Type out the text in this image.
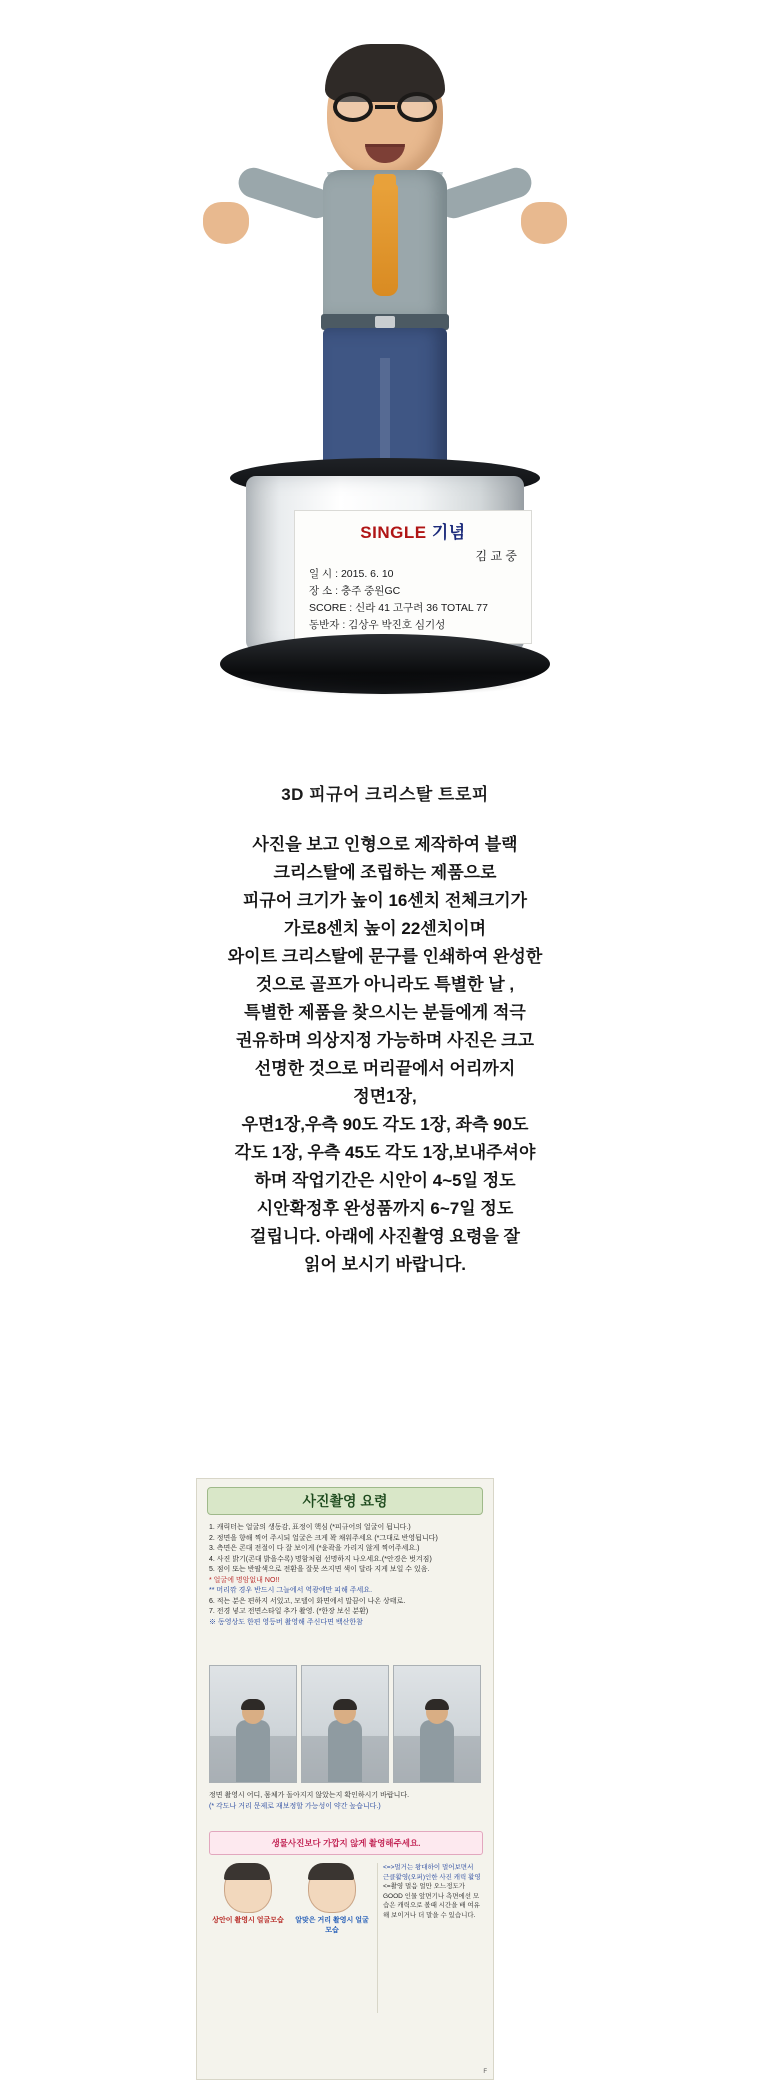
SINGLE 기념
김 교 중
일 시 : 2015. 6. 10
장 소 : 충주 중원GC
SCORE : 신라 41 고구려 36 TOTAL 77
동반자 : 김상우 박진호 심기성
3D 피규어 크리스탈 트로피
사진을 보고 인형으로 제작하여 블랙
크리스탈에 조립하는 제품으로
피규어 크기가 높이 16센치 전체크기가
가로8센치 높이 22센치이며
와이트 크리스탈에 문구를 인쇄하여 완성한
것으로 골프가 아니라도 특별한 날 ,
특별한 제품을 찾으시는 분들에게 적극
권유하며 의상지정 가능하며 사진은 크고
선명한 것으로 머리끝에서 어리까지
정면1장,
우면1장,우측 90도 각도 1장, 좌측 90도
각도 1장, 우측 45도 각도 1장,보내주셔야
하며 작업기간은 시안이 4~5일 정도
시안확정후 완성품까지 6~7일 정도
걸립니다. 아래에 사진촬영 요령을 잘
읽어 보시기 바랍니다.
사진촬영 요령
1. 캐릭터는 얼굴의 생동감, 표정이 핵심 (*피규어의 얼굴이 됩니다.)
2. 정면을 향해 찍어 주시되 얼굴은 크게 꽉 채워주세요 (*그대로 반영됩니다)
3. 측면은 콘대 전절이 다 잘 보이게 (*윤곽을 가리지 않게 찍어주세요.)
4. 사진 밝기(콘대 밝을수록) 명함처럼 선명하지 나오세요.(*안경은 벗겨짐)
5. 점이 또는 반팔색으로 전환을 잘못 쓰지면 색이 달라 지게 보일 수 있음.
* 얼굴에 명암없내 NO!!
** 머리깎 경우 반드시 그늘에서 역광에만 피해 주세요.
6. 적는 분은 편하지 서있고, 모델이 화면에서 말끔이 나온 상태로.
7. 전경 넣고 전면스타일 추가 촬영. (*한장 보신 분환)
※ 동영상도 한편 영등버 촬영해 주신다면 백산한참
정면 촬영시 어디, 몸체가 돌아지지 않았는지 확인하시기 바랍니다.
(* 각도나 거리 문제로 재보정할 가능성이 약간 높습니다.)
생물사진보다 가깝지 않게 촬영해주세요.
상안이 촬영시 얼굴모습	알맞은 거리 촬영시 얼굴모습
<=>멀거는 왕대하이 멀어보면서 근클활영(오퍼)인한 사진 캐릭 활영
<=촬영 멀음 얼만 오느정도가 GOOD 인물 앞면기나 측면에선 모습은 캐릭으로 볼때 시간을 배 여유해 보이거나 더 말을 수 있습니다.
F
